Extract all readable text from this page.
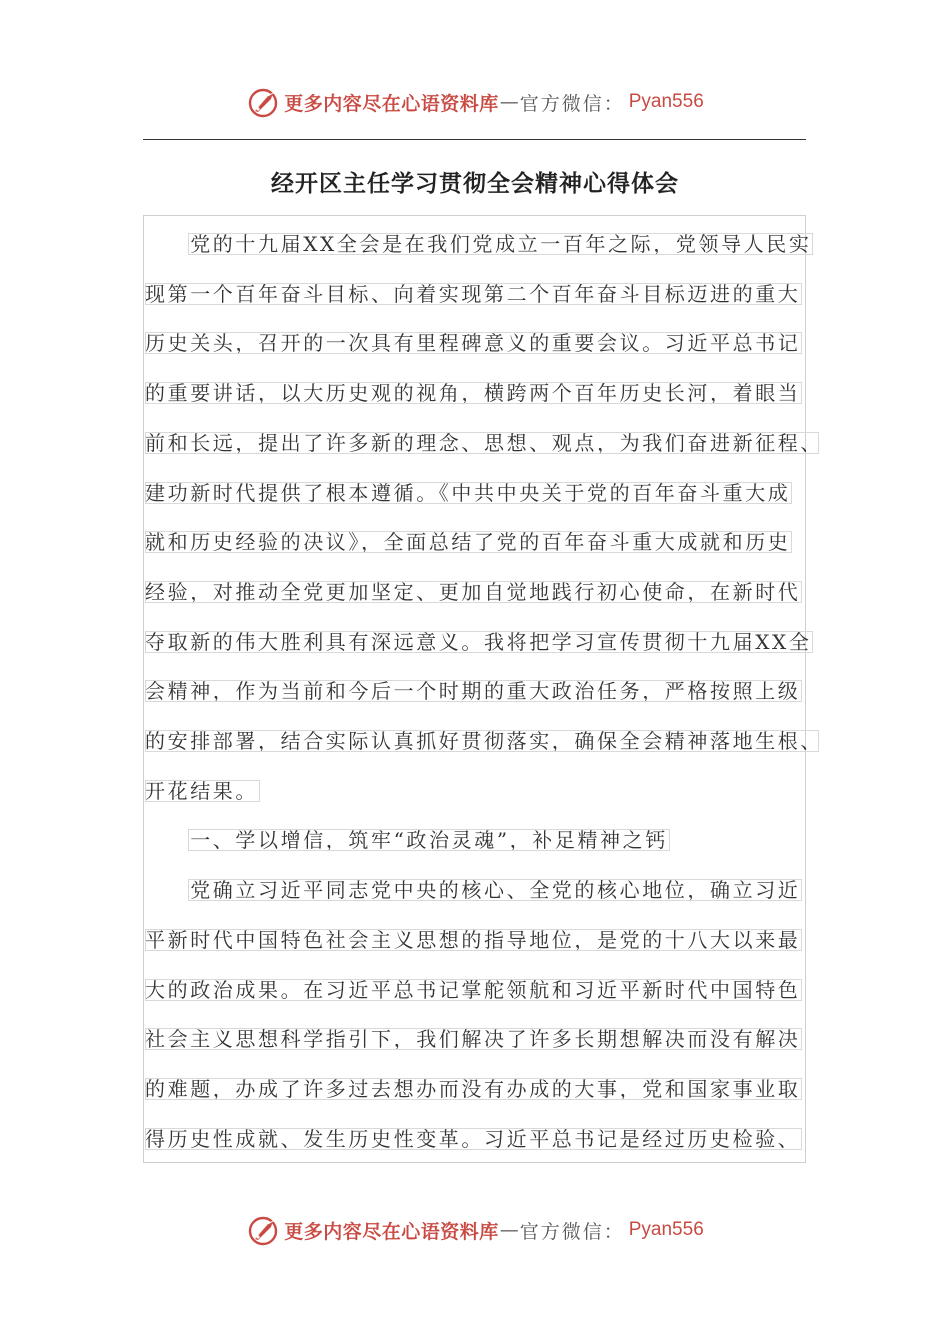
更多内容尽在心语资料库 — 官方微信： Pyan556
经开区主任学习贯彻全会精神心得体会
　　党的十九届XX全会是在我们党成立一百年之际，党领导人民实
现第一个百年奋斗目标、向着实现第二个百年奋斗目标迈进的重大
历史关头，召开的一次具有里程碑意义的重要会议。习近平总书记
的重要讲话，以大历史观的视角，横跨两个百年历史长河，着眼当
前和长远，提出了许多新的理念、思想、观点，为我们奋进新征程、
建功新时代提供了根本遵循。《中共中央关于党的百年奋斗重大成
就和历史经验的决议》，全面总结了党的百年奋斗重大成就和历史
经验，对推动全党更加坚定、更加自觉地践行初心使命，在新时代
夺取新的伟大胜利具有深远意义。我将把学习宣传贯彻十九届XX全
会精神，作为当前和今后一个时期的重大政治任务，严格按照上级
的安排部署，结合实际认真抓好贯彻落实，确保全会精神落地生根、
开花结果。
　　一、学以增信，筑牢“政治灵魂”，补足精神之钙
　　党确立习近平同志党中央的核心、全党的核心地位，确立习近
平新时代中国特色社会主义思想的指导地位，是党的十八大以来最
大的政治成果。在习近平总书记掌舵领航和习近平新时代中国特色
社会主义思想科学指引下，我们解决了许多长期想解决而没有解决
的难题，办成了许多过去想办而没有办成的大事，党和国家事业取
得历史性成就、发生历史性变革。习近平总书记是经过历史检验、
更多内容尽在心语资料库 — 官方微信： Pyan556
